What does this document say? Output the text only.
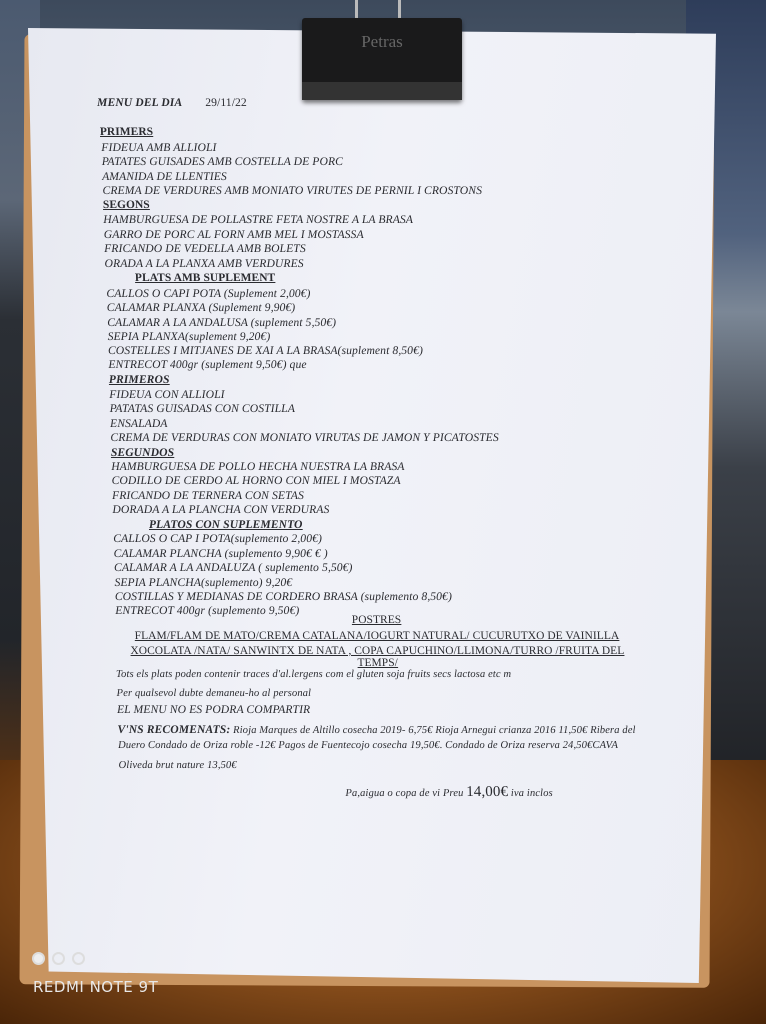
Petras
MENU DEL DIA 29/11/22
PRIMERS
FIDEUA AMB ALLIOLI
PATATES GUISADES AMB COSTELLA DE PORC
AMANIDA DE LLENTIES
CREMA DE VERDURES AMB MONIATO VIRUTES DE PERNIL I CROSTONS
SEGONS
HAMBURGUESA DE POLLASTRE FETA NOSTRE A LA BRASA
GARRO DE PORC AL FORN AMB MEL I MOSTASSA
FRICANDO DE VEDELLA AMB BOLETS
ORADA A LA PLANXA AMB VERDURES
PLATS AMB SUPLEMENT
CALLOS O CAPI POTA (Suplement 2,00€)
CALAMAR PLANXA (Suplement 9,90€)
CALAMAR A LA ANDALUSA (suplement 5,50€)
SEPIA PLANXA(suplement 9,20€)
COSTELLES I MITJANES DE XAI A LA BRASA(suplement 8,50€)
ENTRECOT 400gr (suplement 9,50€) que
PRIMEROS
FIDEUA CON ALLIOLI
PATATAS GUISADAS CON COSTILLA
ENSALADA
CREMA DE VERDURAS CON MONIATO VIRUTAS DE JAMON Y PICATOSTES
SEGUNDOS
HAMBURGUESA DE POLLO HECHA NUESTRA LA BRASA
CODILLO DE CERDO AL HORNO CON MIEL I MOSTAZA
FRICANDO DE TERNERA CON SETAS
DORADA A LA PLANCHA CON VERDURAS
PLATOS CON SUPLEMENTO
CALLOS O CAP I POTA(suplemento 2,00€)
CALAMAR PLANCHA (suplemento 9,90€ € )
CALAMAR A LA ANDALUZA ( suplemento 5,50€)
SEPIA PLANCHA(suplemento) 9,20€
COSTILLAS Y MEDIANAS DE CORDERO BRASA (suplemento 8,50€)
ENTRECOT 400gr (suplemento 9,50€)
POSTRES
FLAM/FLAM DE MATO/CREMA CATALANA/IOGURT NATURAL/ CUCURUTXO DE VAINILLA
XOCOLATA /NATA/ SANWINTX DE NATA , COPA CAPUCHINO/LLIMONA/TURRO /FRUITA DEL
TEMPS/
Tots els plats poden contenir traces d'al.lergens com el gluten soja fruits secs lactosa etc m
Per qualsevol dubte demaneu-ho al personal
EL MENU NO ES PODRA COMPARTIR
V'NS RECOMENATS: Rioja Marques de Altillo cosecha 2019- 6,75€ Rioja Arnegui crianza 2016 11,50€ Ribera del
Duero Condado de Oriza roble -12€ Pagos de Fuentecojo cosecha 19,50€. Condado de Oriza reserva 24,50€CAVA
Oliveda brut nature 13,50€
Pa,aigua o copa de vi Preu 14,00€ iva inclos
REDMI NOTE 9T
